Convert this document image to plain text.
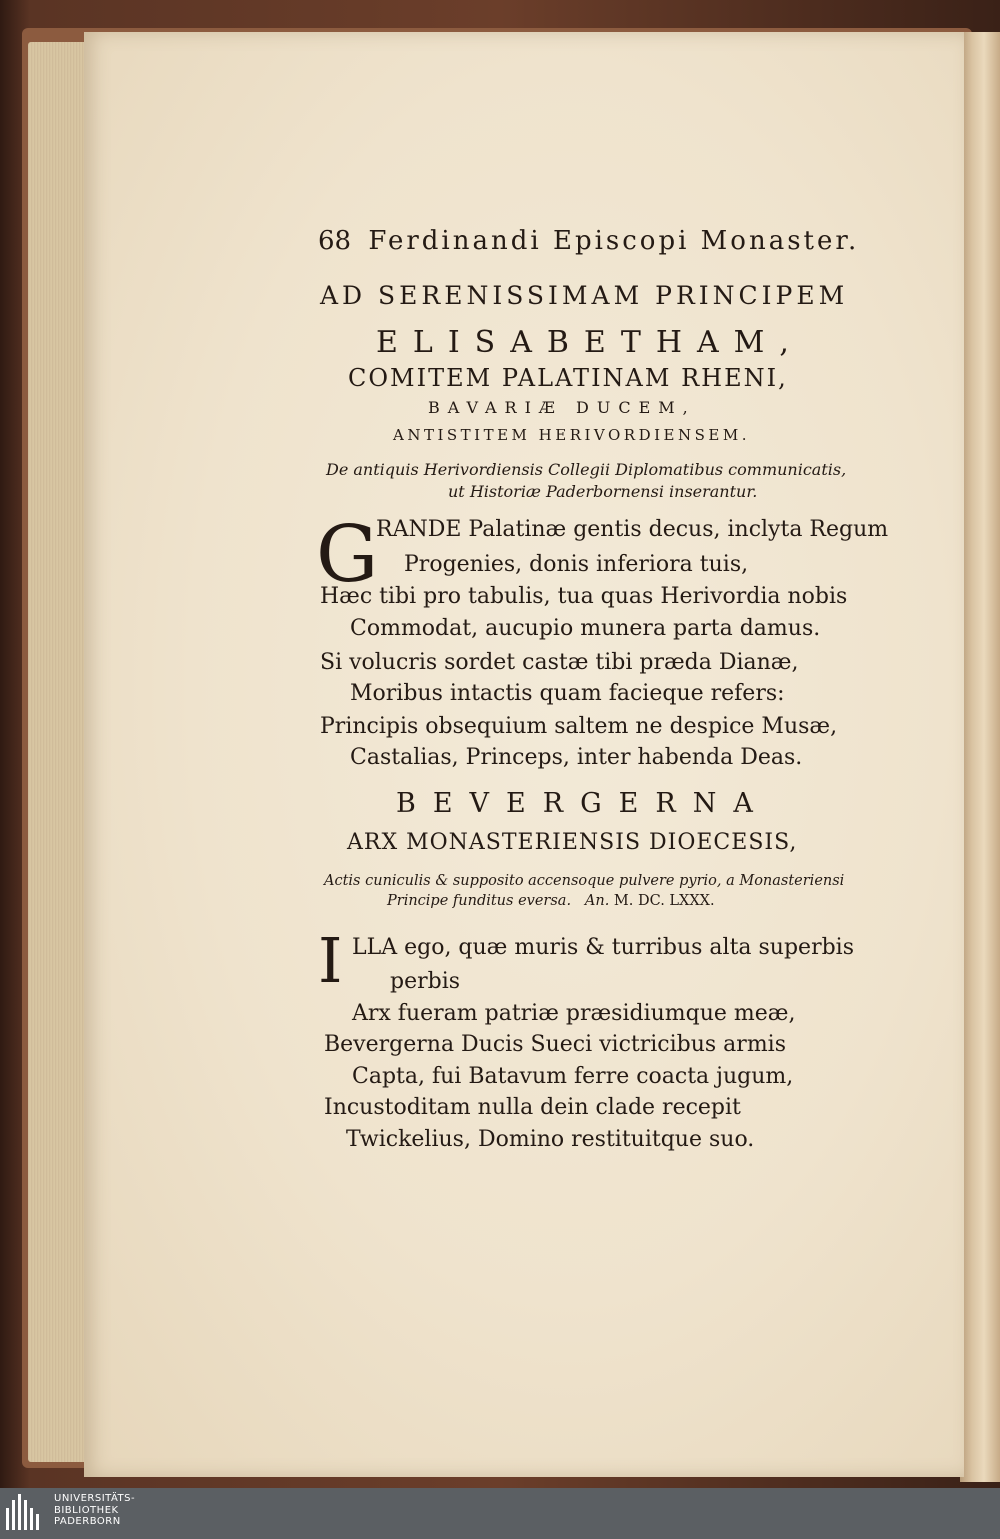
68 Ferdinandi Episcopi Monaster.
AD SERENISSIMAM PRINCIPEM
ELISABETHAM,
COMITEM PALATINAM RHENI,
BAVARIÆ DUCEM,
ANTISTITEM HERIVORDIENSEM.
De antiquis Herivordiensis Collegii Diplomatibus communicatis,
ut Historiæ Paderbornensi inserantur.
G
RANDE Palatinæ gentis decus, inclyta Regum
Progenies, donis inferiora tuis,
Hæc tibi pro tabulis, tua quas Herivordia nobis
Commodat, aucupio munera parta damus.
Si volucris sordet castæ tibi præda Dianæ,
Moribus intactis quam facieque refers:
Principis obsequium saltem ne despice Musæ,
Castalias, Princeps, inter habenda Deas.
BEVERGERNA
ARX MONASTERIENSIS DIOECESIS,
Actis cuniculis & supposito accensoque pulvere pyrio, a Monasteriensi
Principe funditus eversa. An. M. DC. LXXX.
I LLA ego, quæ muris & turribus alta superbis
perbis
Arx fueram patriæ præsidiumque meæ,
Bevergerna Ducis Sueci victricibus armis
Capta, fui Batavum ferre coacta jugum,
Incustoditam nulla dein clade recepit
Twickelius, Domino restituitque suo.
UNIVERSITÄTS-
BIBLIOTHEK
PADERBORN
